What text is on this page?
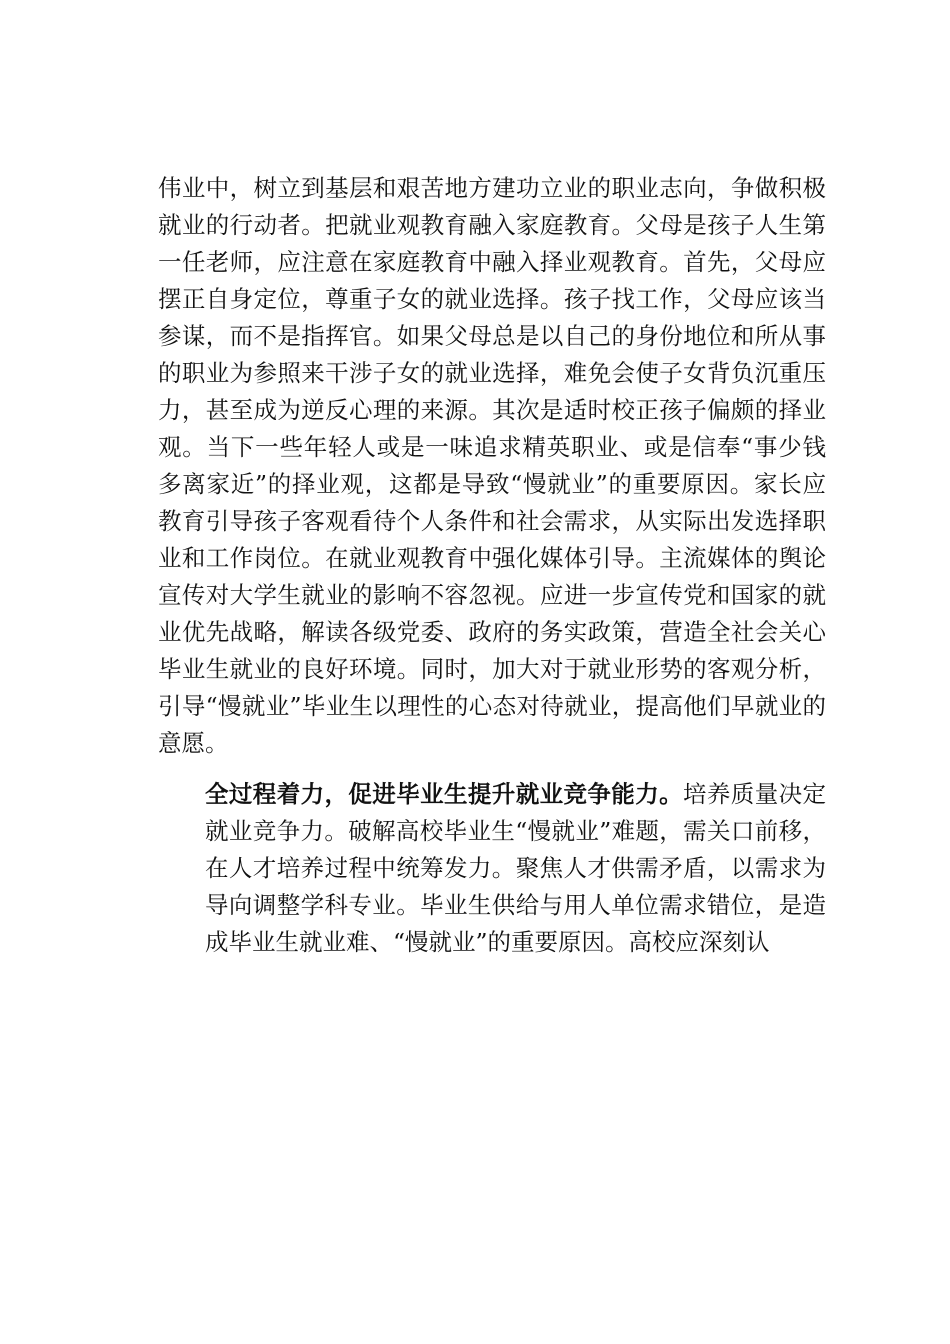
伟业中，树立到基层和艰苦地方建功立业的职业志向，争做积极就业的行动者。把就业观教育融入家庭教育。父母是孩子人生第一任老师，应注意在家庭教育中融入择业观教育。首先，父母应摆正自身定位，尊重子女的就业选择。孩子找工作，父母应该当参谋，而不是指挥官。如果父母总是以自己的身份地位和所从事的职业为参照来干涉子女的就业选择，难免会使子女背负沉重压力，甚至成为逆反心理的来源。其次是适时校正孩子偏颇的择业观。当下一些年轻人或是一味追求精英职业、或是信奉“事少钱多离家近”的择业观，这都是导致“慢就业”的重要原因。家长应教育引导孩子客观看待个人条件和社会需求，从实际出发选择职业和工作岗位。在就业观教育中强化媒体引导。主流媒体的舆论宣传对大学生就业的影响不容忽视。应进一步宣传党和国家的就业优先战略，解读各级党委、政府的务实政策，营造全社会关心毕业生就业的良好环境。同时，加大对于就业形势的客观分析，引导“慢就业”毕业生以理性的心态对待就业，提高他们早就业的意愿。

全过程着力，促进毕业生提升就业竞争能力。培养质量决定就业竞争力。破解高校毕业生“慢就业”难题，需关口前移，在人才培养过程中统筹发力。聚焦人才供需矛盾，以需求为导向调整学科专业。毕业生供给与用人单位需求错位，是造成毕业生就业难、“慢就业”的重要原因。高校应深刻认
